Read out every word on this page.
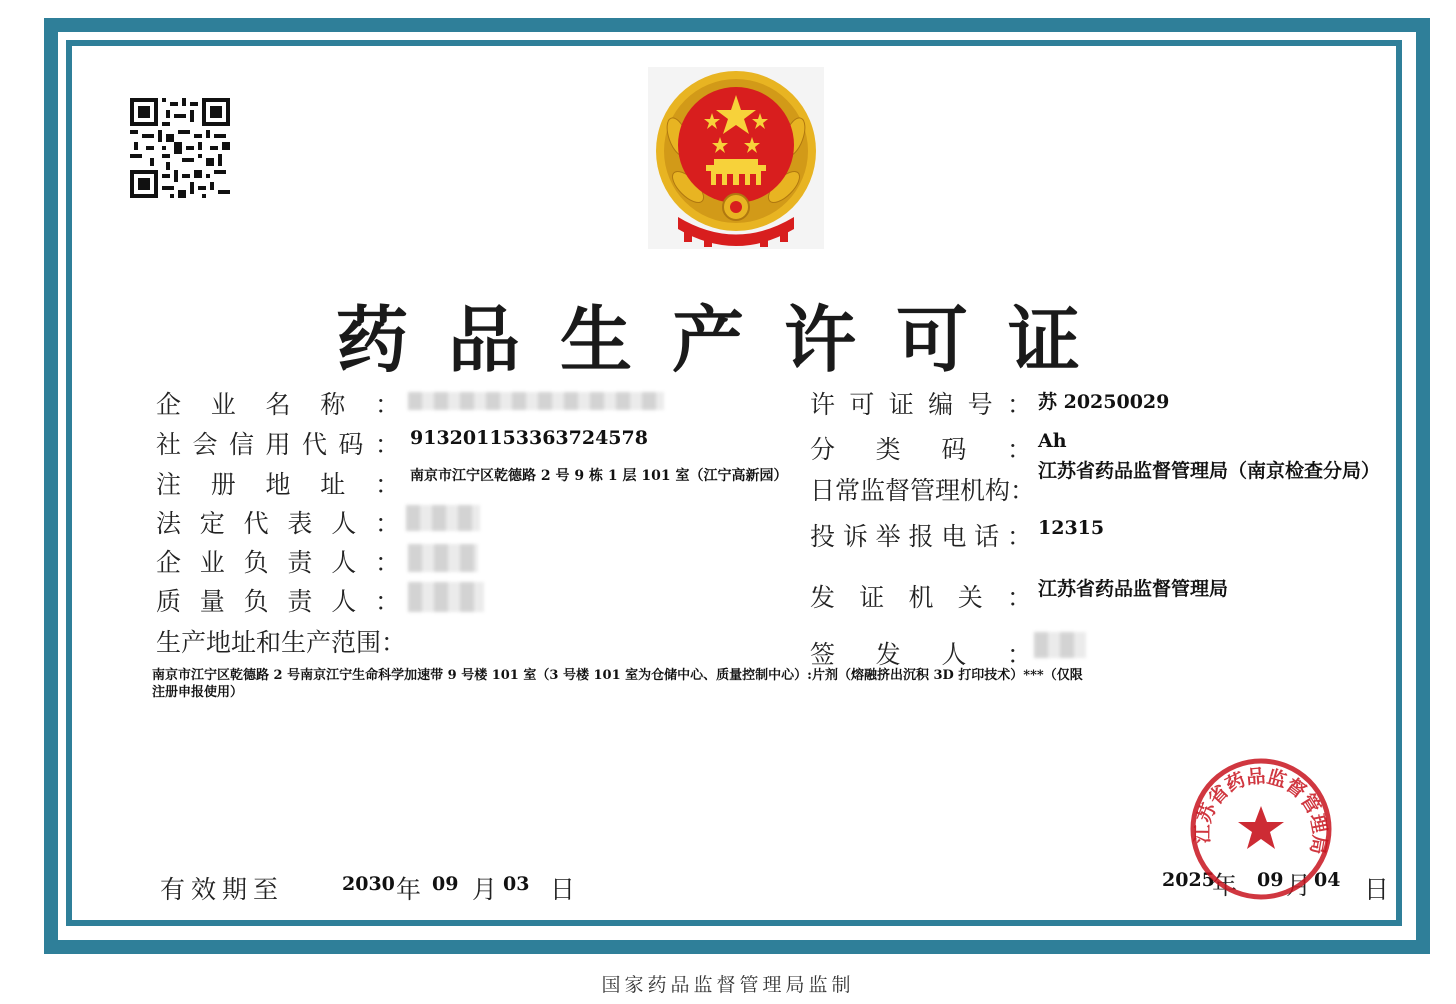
药品生产许可证
企 业 名 称 ：
社 会 信 用 代 码 ： 913201153363724578
注 册 地 址 ： 南京市江宁区乾德路 2 号 9 栋 1 层 101 室（江宁高新园）
法 定 代 表 人 ：
企 业 负 责 人 ：
质 量 负 责 人 ：
生产地址和生产范围：
南京市江宁区乾德路 2 号南京江宁生命科学加速带 9 号楼 101 室（3 号楼 101 室为仓储中心、质量控制中心）:片剂（熔融挤出沉积 3D 打印技术）***（仅限注册申报使用）
许 可 证 编 号 ： 苏 20250029
分 类 码 ： Ah
日常监督管理机构：
江苏省药品监督管理局（南京检查分局）
投 诉 举 报 电 话 ： 12315
发 证 机 关 ： 江苏省药品监督管理局
签 发 人 ：
有效期至	2030 年 09 月 03 日	2025
年 09 月 04 日
江苏省药品监督管理局
国家药品监督管理局监制
